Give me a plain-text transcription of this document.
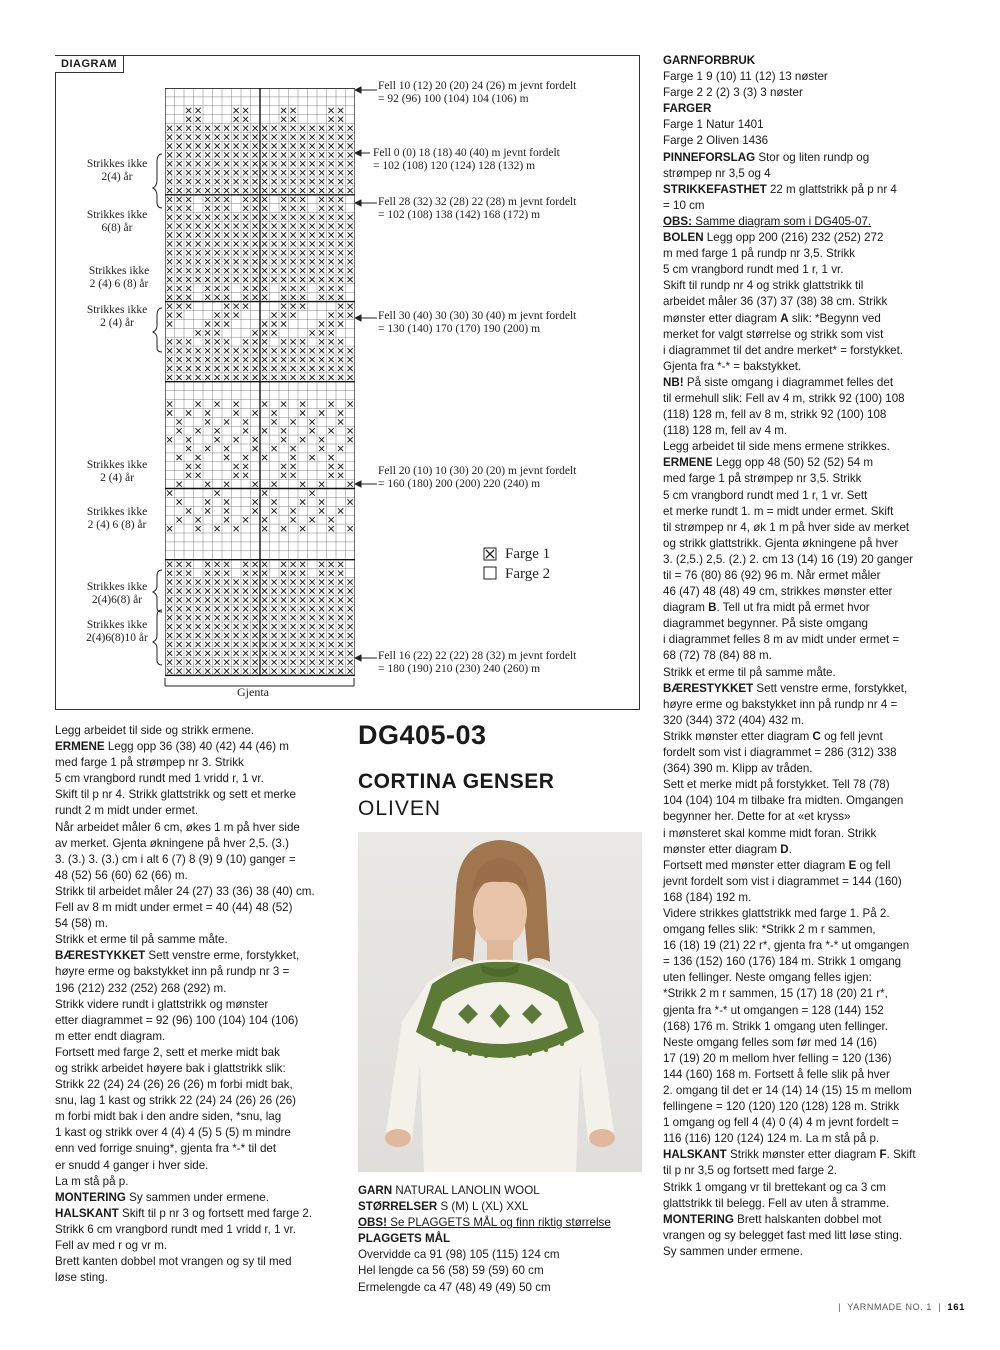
DIAGRAM
Gjenta
Strikkes ikke
2(4) år
Strikkes ikke
6(8) år
Strikkes ikke
2 (4) 6 (8) år
Strikkes ikke
2 (4) år
Strikkes ikke
2 (4) år
Strikkes ikke
2 (4) 6 (8) år
Strikkes ikke
2(4)6(8) år
Strikkes ikke
2(4)6(8)10 år
Fell 10 (12) 20 (20) 24 (26) m jevnt fordelt
= 92 (96) 100 (104) 104 (106) m
Fell 0 (0) 18 (18) 40 (40) m jevnt fordelt
= 102 (108) 120 (124) 128 (132) m
Fell 28 (32) 32 (28) 22 (28) m jevnt fordelt
= 102 (108) 138 (142) 168 (172) m
Fell 30 (40) 30 (30) 30 (40) m jevnt fordelt
= 130 (140) 170 (170) 190 (200) m
Fell 20 (10) 10 (30) 20 (20) m jevnt fordelt
= 160 (180) 200 (200) 220 (240) m
Fell 16 (22) 22 (22) 28 (32) m jevnt fordelt
= 180 (190) 210 (230) 240 (260) m
Farge 1
Farge 2

Legg arbeidet til side og strikk ermene.

ERMENE Legg opp 36 (38) 40 (42) 44 (46) m

med farge 1 på strømpep nr 3. Strikk

5 cm vrangbord rundt med 1 vridd r, 1 vr.

Skift til p nr 4. Strikk glattstrikk og sett et merke

rundt 2 m midt under ermet.

Når arbeidet måler 6 cm, økes 1 m på hver side

av merket. Gjenta økningene på hver 2,5. (3.)

3. (3.) 3. (3.) cm i alt 6 (7) 8 (9) 9 (10) ganger =

48 (52) 56 (60) 62 (66) m.

Strikk til arbeidet måler 24 (27) 33 (36) 38 (40) cm.

Fell av 8 m midt under ermet = 40 (44) 48 (52)

54 (58) m.

Strikk et erme til på samme måte.

BÆRESTYKKET Sett venstre erme, forstykket,

høyre erme og bakstykket inn på rundp nr 3 =

196 (212) 232 (252) 268 (292) m.

Strikk videre rundt i glattstrikk og mønster

etter diagrammet = 92 (96) 100 (104) 104 (106)

m etter endt diagram.

Fortsett med farge 2, sett et merke midt bak

og strikk arbeidet høyere bak i glattstrikk slik:

Strikk 22 (24) 24 (26) 26 (26) m forbi midt bak,

snu, lag 1 kast og strikk 22 (24) 24 (26) 26 (26)

m forbi midt bak i den andre siden, *snu, lag

1 kast og strikk over 4 (4) 4 (5) 5 (5) m mindre

enn ved forrige snuing*, gjenta fra *-* til det

er snudd 4 ganger i hver side.

La m stå på p.

MONTERING Sy sammen under ermene.

HALSKANT Skift til p nr 3 og fortsett med farge 2.

Strikk 6 cm vrangbord rundt med 1 vridd r, 1 vr.

Fell av med r og vr m.

Brett kanten dobbel mot vrangen og sy til med

løse sting.

DG405-03
CORTINA GENSER
OLIVEN

GARN NATURAL LANOLIN WOOL

STØRRELSER S (M) L (XL) XXL

OBS! Se PLAGGETS MÅL og finn riktig størrelse

PLAGGETS MÅL

Overvidde ca 91 (98) 105 (115) 124 cm

Hel lengde ca 56 (58) 59 (59) 60 cm

Ermelengde ca 47 (48) 49 (49) 50 cm

GARNFORBRUK

Farge 1 9 (10) 11 (12) 13 nøster

Farge 2 2 (2) 3 (3) 3 nøster

FARGER

Farge 1 Natur 1401

Farge 2 Oliven 1436

PINNEFORSLAG Stor og liten rundp og

strømpep nr 3,5 og 4

STRIKKEFASTHET 22 m glattstrikk på p nr 4

= 10 cm

OBS: Samme diagram som i DG405-07.

BOLEN Legg opp 200 (216) 232 (252) 272

m med farge 1 på rundp nr 3,5. Strikk

5 cm vrangbord rundt med 1 r, 1 vr.

Skift til rundp nr 4 og strikk glattstrikk til

arbeidet måler 36 (37) 37 (38) 38 cm. Strikk

mønster etter diagram A slik: *Begynn ved

merket for valgt størrelse og strikk som vist

i diagrammet til det andre merket* = forstykket.

Gjenta fra *-* = bakstykket.

NB! På siste omgang i diagrammet felles det

til ermehull slik: Fell av 4 m, strikk 92 (100) 108

(118) 128 m, fell av 8 m, strikk 92 (100) 108

(118) 128 m, fell av 4 m.

Legg arbeidet til side mens ermene strikkes.

ERMENE Legg opp 48 (50) 52 (52) 54 m

med farge 1 på strømpep nr 3,5. Strikk

5 cm vrangbord rundt med 1 r, 1 vr. Sett

et merke rundt 1. m = midt under ermet. Skift

til strømpep nr 4, øk 1 m på hver side av merket

og strikk glattstrikk. Gjenta økningene på hver

3. (2,5.) 2,5. (2.) 2. cm 13 (14) 16 (19) 20 ganger

til = 76 (80) 86 (92) 96 m. Når ermet måler

46 (47) 48 (48) 49 cm, strikkes mønster etter

diagram B. Tell ut fra midt på ermet hvor

diagrammet begynner. På siste omgang

i diagrammet felles 8 m av midt under ermet =

68 (72) 78 (84) 88 m.

Strikk et erme til på samme måte.

BÆRESTYKKET Sett venstre erme, forstykket,

høyre erme og bakstykket inn på rundp nr 4 =

320 (344) 372 (404) 432 m.

Strikk mønster etter diagram C og fell jevnt

fordelt som vist i diagrammet = 286 (312) 338

(364) 390 m. Klipp av tråden.

Sett et merke midt på forstykket. Tell 78 (78)

104 (104) 104 m tilbake fra midten. Omgangen

begynner her. Dette for at «et kryss»

i mønsteret skal komme midt foran. Strikk

mønster etter diagram D.

Fortsett med mønster etter diagram E og fell

jevnt fordelt som vist i diagrammet = 144 (160)

168 (184) 192 m.

Videre strikkes glattstrikk med farge 1. På 2.

omgang felles slik: *Strikk 2 m r sammen,

16 (18) 19 (21) 22 r*, gjenta fra *-* ut omgangen

= 136 (152) 160 (176) 184 m. Strikk 1 omgang

uten fellinger. Neste omgang felles igjen:

*Strikk 2 m r sammen, 15 (17) 18 (20) 21 r*,

gjenta fra *-* ut omgangen = 128 (144) 152

(168) 176 m. Strikk 1 omgang uten fellinger.

Neste omgang felles som før med 14 (16)

17 (19) 20 m mellom hver felling = 120 (136)

144 (160) 168 m. Fortsett å felle slik på hver

2. omgang til det er 14 (14) 14 (15) 15 m mellom

fellingene = 120 (120) 120 (128) 128 m. Strikk

1 omgang og fell 4 (4) 0 (4) 4 m jevnt fordelt =

116 (116) 120 (124) 124 m. La m stå på p.

HALSKANT Strikk mønster etter diagram F. Skift

til p nr 3,5 og fortsett med farge 2.

Strikk 1 omgang vr til brettekant og ca 3 cm

glattstrikk til belegg. Fell av uten å stramme.

MONTERING Brett halskanten dobbel mot

vrangen og sy belegget fast med litt løse sting.

Sy sammen under ermene.

|  YARNMADE NO. 1  |  161
